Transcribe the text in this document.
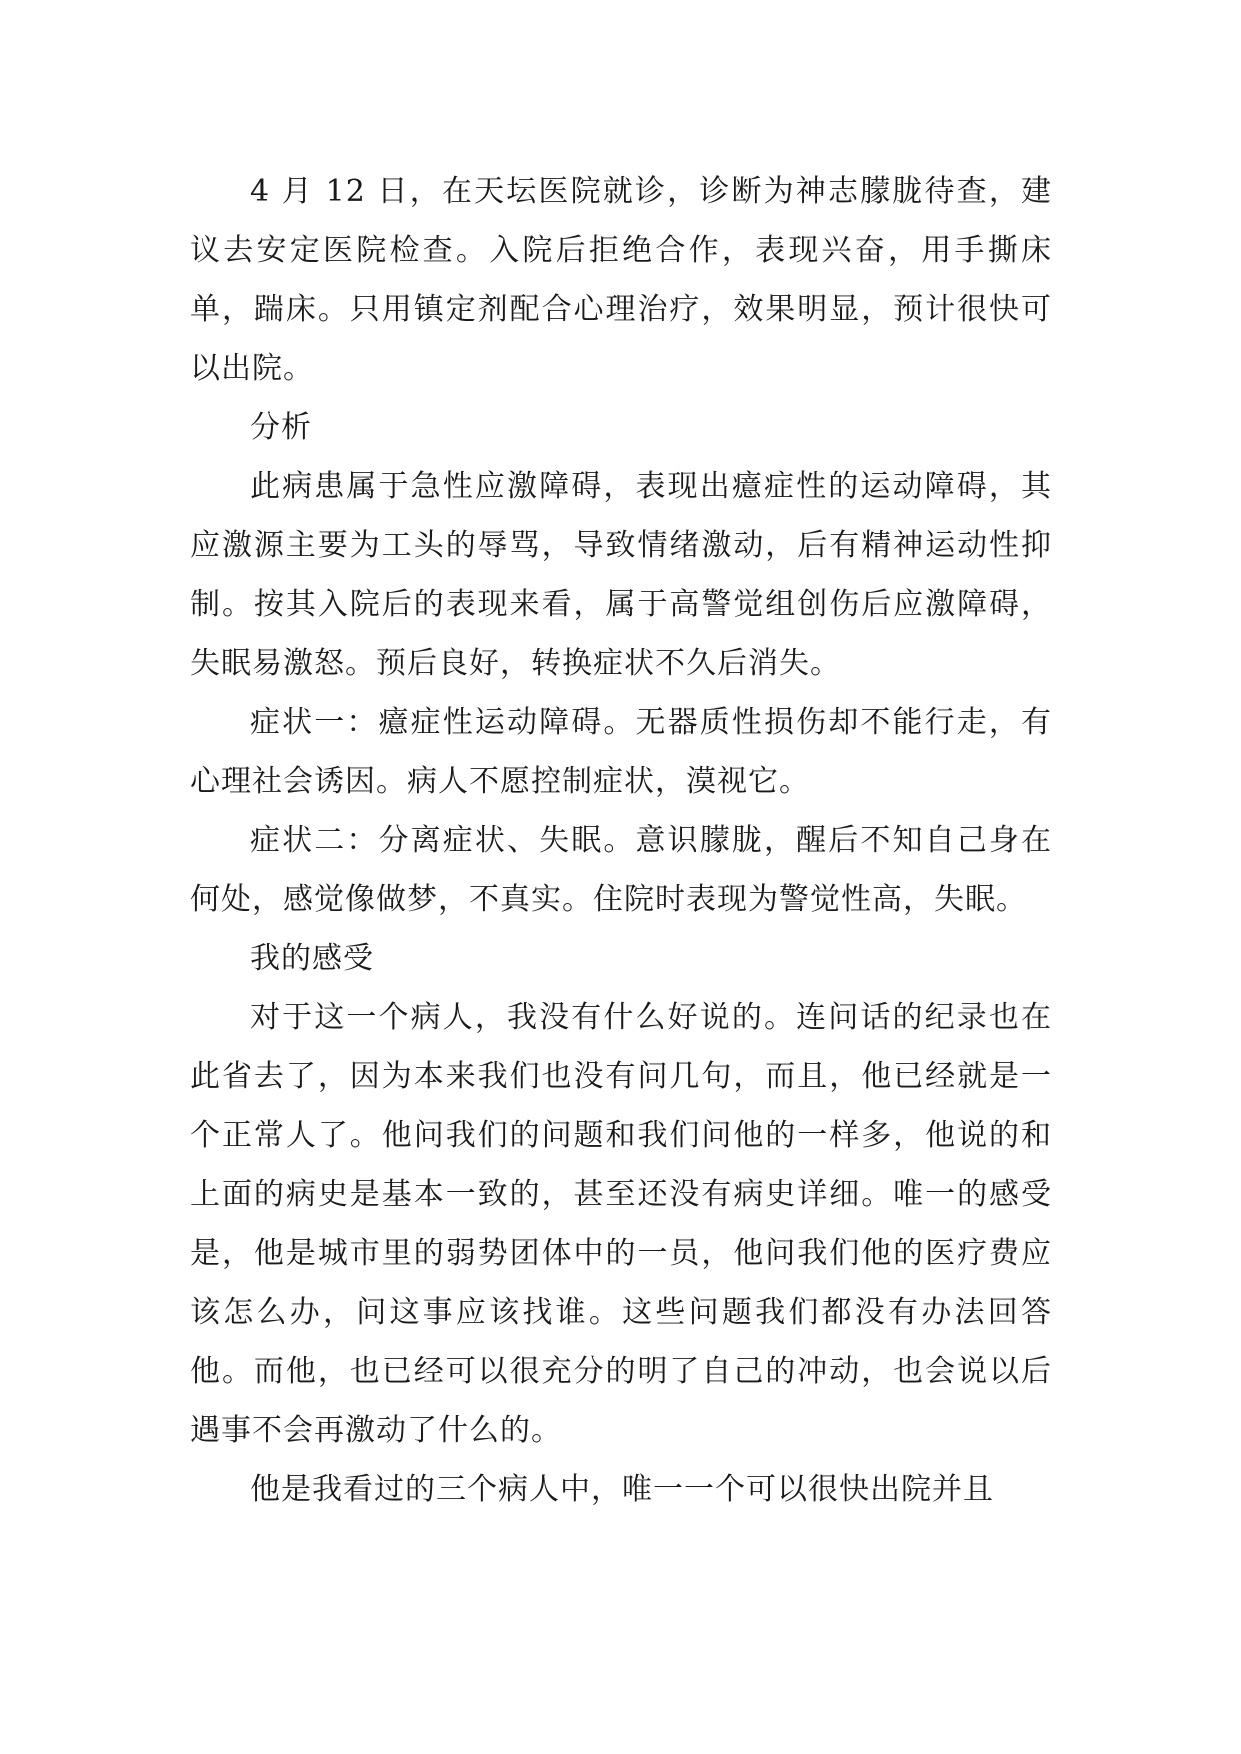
4 月 12 日，在天坛医院就诊，诊断为神志朦胧待查，建议去安定医院检查。入院后拒绝合作，表现兴奋，用手撕床单，踹床。只用镇定剂配合心理治疗，效果明显，预计很快可以出院。

分析

此病患属于急性应激障碍，表现出癔症性的运动障碍，其应激源主要为工头的辱骂，导致情绪激动，后有精神运动性抑制。按其入院后的表现来看，属于高警觉组创伤后应激障碍，失眠易激怒。预后良好，转换症状不久后消失。

症状一：癔症性运动障碍。无器质性损伤却不能行走，有心理社会诱因。病人不愿控制症状，漠视它。

症状二：分离症状、失眠。意识朦胧，醒后不知自己身在何处，感觉像做梦，不真实。住院时表现为警觉性高，失眠。

我的感受

对于这一个病人，我没有什么好说的。连问话的纪录也在此省去了，因为本来我们也没有问几句，而且，他已经就是一个正常人了。他问我们的问题和我们问他的一样多，他说的和上面的病史是基本一致的，甚至还没有病史详细。唯一的感受是，他是城市里的弱势团体中的一员，他问我们他的医疗费应该怎么办，问这事应该找谁。这些问题我们都没有办法回答他。而他，也已经可以很充分的明了自己的冲动，也会说以后遇事不会再激动了什么的。

他是我看过的三个病人中，唯一一个可以很快出院并且
